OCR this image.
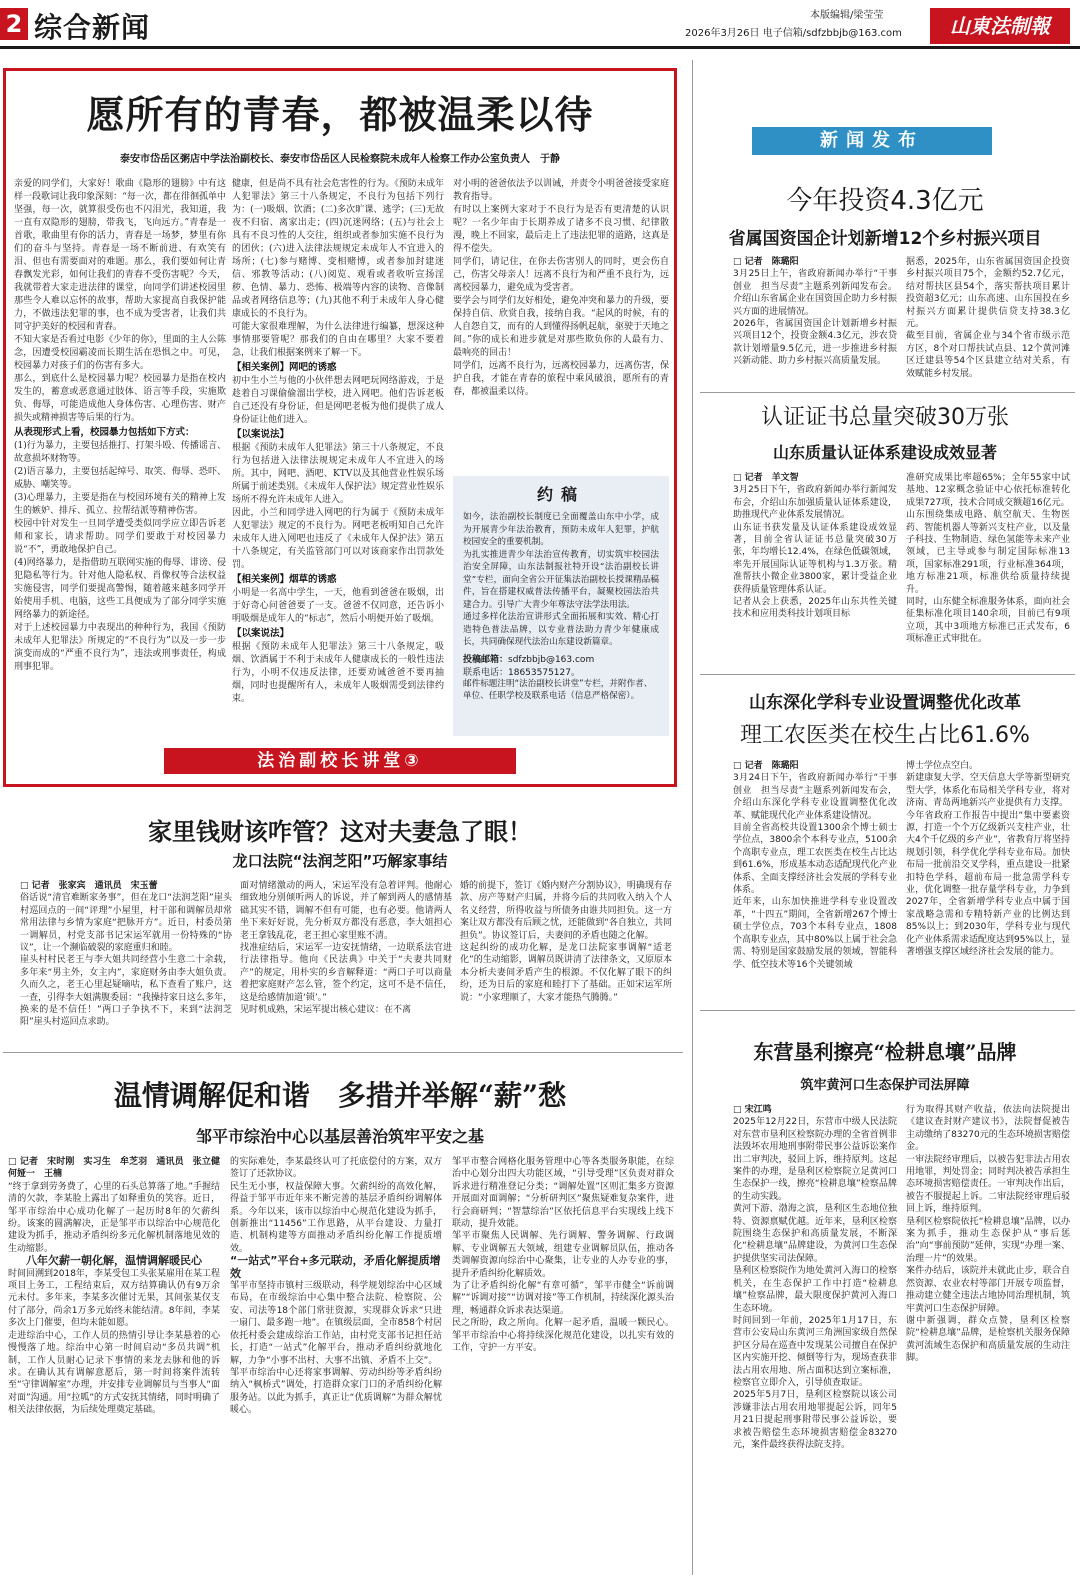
2 综合新闻	本版编辑/梁莹莹
2026年3月26日 电子信箱/sdfzbbjb@163.com	山東法制報
愿所有的青春，都被温柔以待
泰安市岱岳区粥店中学法治副校长、泰安市岱岳区人民检察院未成年人检察工作办公室负责人　于静
亲爱的同学们，大家好！歌曲《隐形的翅膀》中有这样一段歌词让我印象深刻：“每一次，都在徘徊孤单中坚强，每一次，就算很受伤也不闪泪光，我知道，我一直有双隐形的翅膀，带我飞，飞向远方。”青春是一首歌，歌曲里有你的活力，青春是一场梦，梦里有你们的奋斗与坚持。青春是一场不断前进、有欢笑有泪、但也有需要面对的难题。那么，我们要如何让青春飘发光彩，如何让我们的青春不受伤害呢？今天，我就带着大家走进法律的课堂，向同学们讲述校园里那些令人难以忘怀的故事，帮助大家提高自我保护能力，不做违法犯罪的事，也不成为受害者，让我们共同守护美好的校园和青春。
不知大家是否看过电影《少年的你》，里面的主人公陈念，因遭受校园霸凌而长期生活在恐惧之中。可见，校园暴力对孩子们的伤害有多大。
那么，到底什么是校园暴力呢？校园暴力是指在校内发生的，蓄意或恶意通过肢体、语言等手段，实施欺负、侮辱，可能造成他人身体伤害、心理伤害、财产损失或精神损害等后果的行为。
从表现形式上看，校园暴力包括如下方式：
(1)行为暴力，主要包括推打、打架斗殴、传播谣言、故意损坏财物等。
(2)语言暴力，主要包括起绰号、取笑、侮辱、恐吓、威胁、嘲笑等。
(3)心理暴力，主要是指在与校园环境有关的精神上发生的嫉妒、排斥、孤立、拉帮结派等精神伤害。
校园中针对发生一旦同学遭受类似同学应立即告诉老师和家长，请求帮助。同学们要敢于对校园暴力说“不”，勇敢地保护自己。
(4)网络暴力，是指借助互联网实施的侮辱、诽谤、侵犯隐私等行为。针对他人隐私权、肖像权等合法权益实施侵害，同学们要提高警惕，随着越来越多同学开始使用手机、电脑，这些工具便成为了部分同学实施网络暴力的新途径。
对于上述校园暴力中表现出的种种行为，我国《预防未成年人犯罪法》所规定的“不良行为”以及一步一步演变而成的“严重不良行为”，违法或刑事责任，构成刑事犯罪。
健康，但是尚不具有社会危害性的行为。《预防未成年人犯罪法》第三十八条规定，不良行为包括下列行为：(一)吸烟、饮酒；(二)多次旷课、逃学；(三)无故夜不归宿、离家出走；(四)沉迷网络；(五)与社会上具有不良习性的人交往，组织或者参加实施不良行为的团伙；(六)进入法律法规规定未成年人不宜进入的场所；(七)参与赌博、变相赌博，或者参加封建迷信、邪教等活动；(八)阅览、观看或者收听宣扬淫秽、色情、暴力、恐怖、极端等内容的读物、音像制品或者网络信息等；(九)其他不利于未成年人身心健康成长的不良行为。
可能大家很难理解，为什么法律进行编纂，想深这种事情那要管呢？那我们的自由在哪里？大家不要着急，让我们根据案例来了解一下。
【相关案例】网吧的诱惑
初中生小兰与他的小伙伴想去网吧玩网络游戏，于是趁着自习课偷偷溜出学校，进入网吧。他们告诉老板自己还没有身份证，但是网吧老板为他们提供了成人身份证让他们进入。
【以案说法】
根据《预防未成年人犯罪法》第三十八条规定，不良行为包括进入法律法规规定未成年人不宜进入的场所。其中，网吧、酒吧、KTV以及其他营业性娱乐场所属于前述类别。《未成年人保护法》规定营业性娱乐场所不得允许未成年人进入。
因此，小兰和同学进入网吧的行为属于《预防未成年人犯罪法》规定的不良行为。网吧老板明知自己允许未成年人进入网吧也违反了《未成年人保护法》第五十八条规定，有关监管部门可以对该商家作出罚款处罚。
【相关案例】烟草的诱惑
小明是一名高中学生，一天，他看到爸爸在吸烟，出于好奇心问爸爸要了一支。爸爸不仅同意，还告诉小明吸烟是成年人的“标志”，然后小明便开始了吸烟。
【以案说法】
根据《预防未成年人犯罪法》第三十八条规定，吸烟、饮酒属于不利于未成年人健康成长的一般性违法行为，小明不仅违反法律，还要劝诫爸爸不要再抽烟，同时也提醒所有人，未成年人吸烟需受到法律约束。
对小明的爸爸依法予以训诫，并责令小明爸爸接受家庭教育指导。
有时以上案例大家对于不良行为是否有更清楚的认识呢？一名少年由于长期养成了诸多不良习惯、纪律散漫，晚上不回家，最后走上了违法犯罪的道路，这真是得不偿失。
同学们，请记住，在你去伤害别人的同时，更会伤自己，伤害父母亲人！远离不良行为和严重不良行为，远离校园暴力，避免成为受害者。
要学会与同学们友好相处，避免冲突和暴力的升级，要保持自信、欣赏自我，接纳自我。“起风的时候，有的人自怨自艾，而有的人到懂得扬帆起航，驱驶于天地之间。”你的成长和进步就是对那些欺负你的人最有力、最响亮的回击！
同学们，远离不良行为，远离校园暴力，远离伤害，保护自我，才能在青春的旅程中乘风破浪，愿所有的青春，都被温柔以待。
约稿
如今，法治副校长制度已全面覆盖山东中小学，成为开展青少年法治教育，预防未成年人犯罪，护航校园安全的重要机制。
为扎实推进青少年法治宣传教育，切实筑牢校园法治安全屏障，山东法制报社特开设“法治副校长讲堂”专栏，面向全省公开征集法治副校长授课精品稿件，旨在搭建权威普法传播平台，凝聚校园法治共建合力。引导广大青少年尊法守法学法用法。
通过多样化法治宣讲形式全面拓展和实效、精心打造特色普法品牌，以专业普法助力青少年健康成长，共同确保现代法治山东建设新篇章。
投稿邮箱：sdfzbbjb@163.com
联系电话：18653575127。
邮件标题注明“法治副校长讲堂”专栏，并附作者、单位、任职学校及联系电话（信息严格保密）。
法治副校长讲堂③
新闻发布
今年投资4.3亿元
省属国资国企计划新增12个乡村振兴项目
□ 记者　陈璐阳
3月25日上午，省政府新闻办举行“干事创业　担当尽责”主题系列新闻发布会。介绍山东省属企业在国资国企助力乡村振兴方面的进展情况。
2026年，省属国资国企计划新增乡村振兴项目12个，投资金额4.3亿元，涉农贷款计划增量9.5亿元，进一步推进乡村振兴新动能、助力乡村振兴高质量发展。
据悉，2025年，山东省属国资国企投资乡村振兴项目75个，金额约52.7亿元，结对帮扶区县54个，落实帮扶项目累计投资超3亿元；山东高速、山东国投在乡村振兴方面累计提供信贷支持38.3亿元。
截至目前，省属企业与34个省市级示范方区，8个对口帮扶试点县、12个黄河滩区迁建县等54个区县建立结对关系，有效赋能乡村发展。
认证证书总量突破30万张
山东质量认证体系建设成效显著
□ 记者　羊文智
3月25日下午，省政府新闻办举行新闻发布会，介绍山东加强质量认证体系建设，助推现代产业体系发展情况。
山东证书获发量及认证体系建设成效显著，目前全省认证证书总量突破30万张，年均增长12.4%，在绿色低碳领域，率先开展国际认证等机构与1.3万张。精准帮扶小微企业3800家，累计受益企业获得质量管理体系认证。
记者从会上获悉，2025年山东共性关键技术和应用类科技计划项目标
准研究成果比率超65%；全年55家中试基地、12家概念验证中心依托标准转化成果727项，技术合同成交额超16亿元。
山东围绕集成电路、航空航天、生物医药、智能机器人等新兴支柱产业，以及量子科技、生物制造、绿色氢能等未来产业领域，已主导或参与制定国际标准13项，国家标准291项，行业标准364项，地方标准21项，标准供给质量持续提升。
同时，山东健全标准服务体系，面向社会征集标准化项目140余项，目前已有9项立项，其中3项地方标准已正式发布，6项标准正式审批在。
山东深化学科专业设置调整优化改革
理工农医类在校生占比61.6%
□ 记者　陈璐阳
3月24日下午，省政府新闻办举行“干事创业　担当尽责”主题系列新闻发布会，介绍山东深化学科专业设置调整优化改革、赋能现代化产业体系建设情况。
目前全省高校共设置1300余个博士硕士学位点，3800余个本科专业点，5100余个高职专业点，理工农医类在校生占比达到61.6%，形成基本动态适配现代化产业体系、全面支撑经济社会发展的学科专业体系。
近年来，山东加快推进学科专业设置改革，“十四五”期间，全省新增267个博士硕士学位点，703个本科专业点，1808个高职专业点，其中80%以上属于社会急需、特别是国家鼓励发展的领域，智能科学、低空技术等16个关键领域
博士学位点空白。
新建康复大学、空天信息大学等新型研究型大学，体系化布局相关学科专业，将对济南、青岛两地新兴产业提供有力支撑。
今年省政府工作报告中提出“集中要素资源，打造一个个万亿级新兴支柱产业，壮大4个千亿级的乡产业”，省教育厅将坚持规划引领，科学优化学科专业布局。加快布局一批前沿交叉学科，重点建设一批紧扣特色学科，超前布局一批急需学科专业，优化调整一批存量学科专业，力争到2027年，全省新增学科专业点中属于国家战略急需和专精特新产业的比例达到85%以上；到2030年，学科专业与现代化产业体系需求适配度达到95%以上，显著增强支撑区域经济社会发展的能力。
东营垦利擦亮“检耕息壤”品牌
筑牢黄河口生态保护司法屏障
□ 宋江鸣
2025年12月22日，东营市中级人民法院对东营市垦利区检察院办理的全省首例非法毁坏农用地刑事附带民事公益诉讼案作出二审判决，驳回上诉，维持原判。这起案件的办理，是垦利区检察院立足黄河口生态保护一线，擦亮“检耕息壤”检察品牌的生动实践。
黄河下游、渤海之滨，垦利区生态地位独特、资源禀赋优越。近年来，垦利区检察院围绕生态保护和高质量发展，不断深化“检耕息壤”品牌建设，为黄河口生态保护提供坚实司法保障。
垦利区检察院作为地处黄河入海口的检察机关，在生态保护工作中打造“检耕息壤”检察品牌，最大限度保护黄河入海口生态环境。
时间回到一年前，2025年1月17日，东营市公安局山东黄河三角洲国家级自然保护区分局在巡查中发现某公司擅自在保护区内实施开挖、倾倒等行为，现场查获非法占用农用地、所占面积达到立案标准，检察官立即介入，引导侦查取证。
2025年5月7日，垦利区检察院以该公司涉嫌非法占用农用地罪提起公诉，同年5月21日提起刑事附带民事公益诉讼，要求被告赔偿生态环境损害赔偿金83270元，案件最终获得法院支持。
行为取得其财产收益，依法向法院提出《建议查封财产建议书》，法院督促被告主动缴纳了83270元的生态环境损害赔偿金。
一审法院经审理后，以被告犯非法占用农用地罪，判处罚金；同时判决被告承担生态环境损害赔偿责任。一审判决作出后，被告不服提起上诉。二审法院经审理后驳回上诉，维持原判。
垦利区检察院依托“检耕息壤”品牌，以办案为抓手，推动生态保护从“事后惩治”向“事前预防”延伸，实现“办理一案、治理一片”的效果。
案件办结后，该院并未就此止步，联合自然资源、农业农村等部门开展专项监督，推动建立健全违法占地协同治理机制，筑牢黄河口生态保护屏障。
谢中新强调，群众点赞，垦利区检察院“检耕息壤”品牌，是检察机关服务保障黄河流域生态保护和高质量发展的生动注脚。
家里钱财该咋管？这对夫妻急了眼！
龙口法院“法润芝阳”巧解家事结
□ 记者　张家宾　通讯员　宋玉蕾
俗话说“清官难断家务事”，但在龙口“法润芝阳”崖头村巡回点的一间“评理”小屋里，村干部和调解员却常常用法律与乡情为家庭“把脉开方”。近日，村委员第一调解员，村党支部书记宋运军就用一份特殊的“协议”，让一个濒临破裂的家庭重归和睦。
崖头村村民老王与李大姐共同经营小生意二十余载，多年来“男主外，女主内”，家庭财务由李大姐负责。久而久之，老王心里起疑嘀咕，私下查看了账户，这一查，引得李大姐满腹委屈：“我操持家日这么多年，换来的是不信任！”两口子争执不下，来到“法润芝阳”崖头村巡回点求助。
面对情绪激动的两人，宋运军没有急着评判。他耐心细致地分别倾听两人的诉说，并了解到两人的感情基础其实不错，调解不但有可能，也有必要。他请两人坐下来好好说，先分析双方都没有恶意，李大姐担心老王拿钱乱花，老王担心家里账不清。
找准症结后，宋运军一边安抚情绪，一边联系法官进行法律指导。他向《民法典》中关于“夫妻共同财产”的规定，用朴实的乡音解释道：“两口子可以商量着把家庭财产怎么管，签个约定，这可不是不信任，这是给感情加道‘锁’。”
见时机成熟，宋运军提出核心建议：在不离
婚的前提下，签订《婚内财产分割协议》，明确现有存款、房产等财产归属，并将今后的共同收入纳入个人名义经营，所得收益与所债务由谁共同担负。这一方案让双方都没有后顾之忧，还能做到“各自独立，共同担负”。协议签订后，夫妻间的矛盾也随之化解。
这起纠纷的成功化解，是龙口法院家事调解“适老化”的生动缩影，调解员既讲清了法律条文，又原原本本分析夫妻间矛盾产生的根源。不仅化解了眼下的纠纷，还为日后的家庭和睦打下了基础。正如宋运军所说：“小家理顺了，大家才能热气腾腾。”
温情调解促和谐　多措并举解“薪”愁
邹平市综治中心以基层善治筑牢平安之基
□ 记者　宋时刚　实习生　牟芝羽　通讯员　张立健　何娅一　王楠
“终于拿到劳务费了，心里的石头总算落了地。”手握结清的欠款，李某脸上露出了如释重负的笑容。近日，邹平市综治中心成功化解了一起历时8年的欠薪纠纷。该案的圆满解决，正是邹平市以综治中心规范化建设为抓手，推动矛盾纠纷多元化解机制落地见效的生动缩影。
八年欠薪一朝化解，温情调解暖民心
时间回溯到2018年，李某受包工头张某雇用在某工程项目上务工，工程结束后，双方结算确认仍有9万余元未付。多年来，李某多次催讨无果，其间张某仅支付了部分，尚余1万多元始终未能结清。8年间，李某多次上门催要，但均未能如愿。
走进综治中心，工作人员的热情引导让李某悬着的心慢慢落了地。综治中心第一时间启动“多员共调”机制，工作人员耐心记录下事情的来龙去脉和他的诉求。在确认其有调解意愿后，第一时间将案件流转至“守律调解室”办理，并安排专业调解员与当事人“面对面”沟通。用“拉呱”的方式安抚其情绪，同时明确了相关法律依据，为后续处理奠定基础。
的实际难处，李某最终认可了托底偿付的方案，双方签订了还款协议。
民生无小事，权益保障大事。欠薪纠纷的高效化解，得益于邹平市近年来不断完善的基层矛盾纠纷调解体系。今年以来，该市以综治中心规范化建设为抓手，创新推出“11456”工作思路，从平台建设、力量打造、机制构建等方面推动矛盾纠纷化解工作提质增效。
“一站式”平台+多元联动，矛盾化解提质增效
邹平市坚持市镇村三级联动，科学规划综治中心区域布局，在市级综治中心集中整合法院、检察院、公安、司法等18个部门常驻资源，实现群众诉求“只进一扇门、最多跑一地”。在镇级层面，全市858个村居依托村委会建成综治工作站，由村党支部书记担任站长，打造“一站式”化解平台，推动矛盾纠纷就地化解，力争“小事不出村、大事不出镇、矛盾不上交”。
邹平市综治中心还将家事调解、劳动纠纷等矛盾纠纷纳入“枫桥式”调处，打造群众家门口的矛盾纠纷化解服务站。以此为抓手，真正让“优质调解”为群众解忧暖心。
邹平市整合网格化服务管理中心等各类服务职能，在综治中心划分出四大功能区域，“引导受理”区负责对群众诉求进行精准登记分类；“调解处置”区则汇集多方资源开展面对面调解；“分析研判区”聚焦疑难复杂案件，进行会商研判；“智慧综治”区依托信息平台实现线上线下联动，提升效能。
邹平市聚焦人民调解、先行调解、警务调解、行政调解、专业调解五大领域，组建专业调解员队伍，推动各类调解资源向综治中心聚集，让专业的人办专业的事，提升矛盾纠纷化解质效。
为了让矛盾纠纷化解“有章可循”，邹平市健全“诉前调解”“诉调对接”“访调对接”等工作机制，持续深化源头治理，畅通群众诉求表达渠道。
民之所盼，政之所向。化解一起矛盾，温暖一颗民心。邹平市综治中心将持续深化规范化建设，以扎实有效的工作，守护一方平安。
